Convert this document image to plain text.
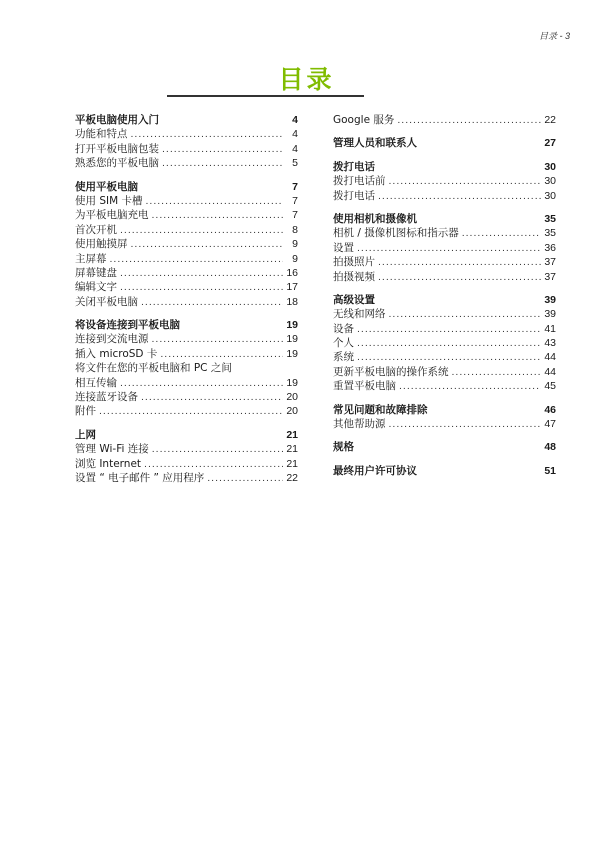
目录 - 3
目录
平板电脑使用入门	4
功能和特点 .....	4
打开平板电脑包装 .....	4
熟悉您的平板电脑 .....	5
使用平板电脑	7
使用 SIM 卡槽 .....	7
为平板电脑充电 .....	7
首次开机 .....	8
使用触摸屏 .....	9
主屏幕 .....	9
屏幕键盘 .....	16
编辑文字 .....	17
关闭平板电脑 .....	18
将设备连接到平板电脑	19
连接到交流电源 .....	19
插入 microSD 卡 .....	19
将文件在您的平板电脑和 PC 之间
相互传输 .....	19
连接蓝牙设备 .....	20
附件 .....	20
上网	21
管理 Wi-Fi 连接 .....	21
浏览 Internet .....	21
设置 “ 电子邮件 ” 应用程序 .....	22
Google 服务 .....	22
管理人员和联系人	27
拨打电话	30
拨打电话前 .....	30
拨打电话 .....	30
使用相机和摄像机	35
相机 / 摄像机图标和指示器 .....	35
设置 .....	36
拍摄照片 .....	37
拍摄视频 .....	37
高级设置	39
无线和网络 .....	39
设备 .....	41
个人 .....	43
系统 .....	44
更新平板电脑的操作系统 .....	44
重置平板电脑 .....	45
常见问题和故障排除	46
其他帮助源 .....	47
规格	48
最终用户许可协议	51
